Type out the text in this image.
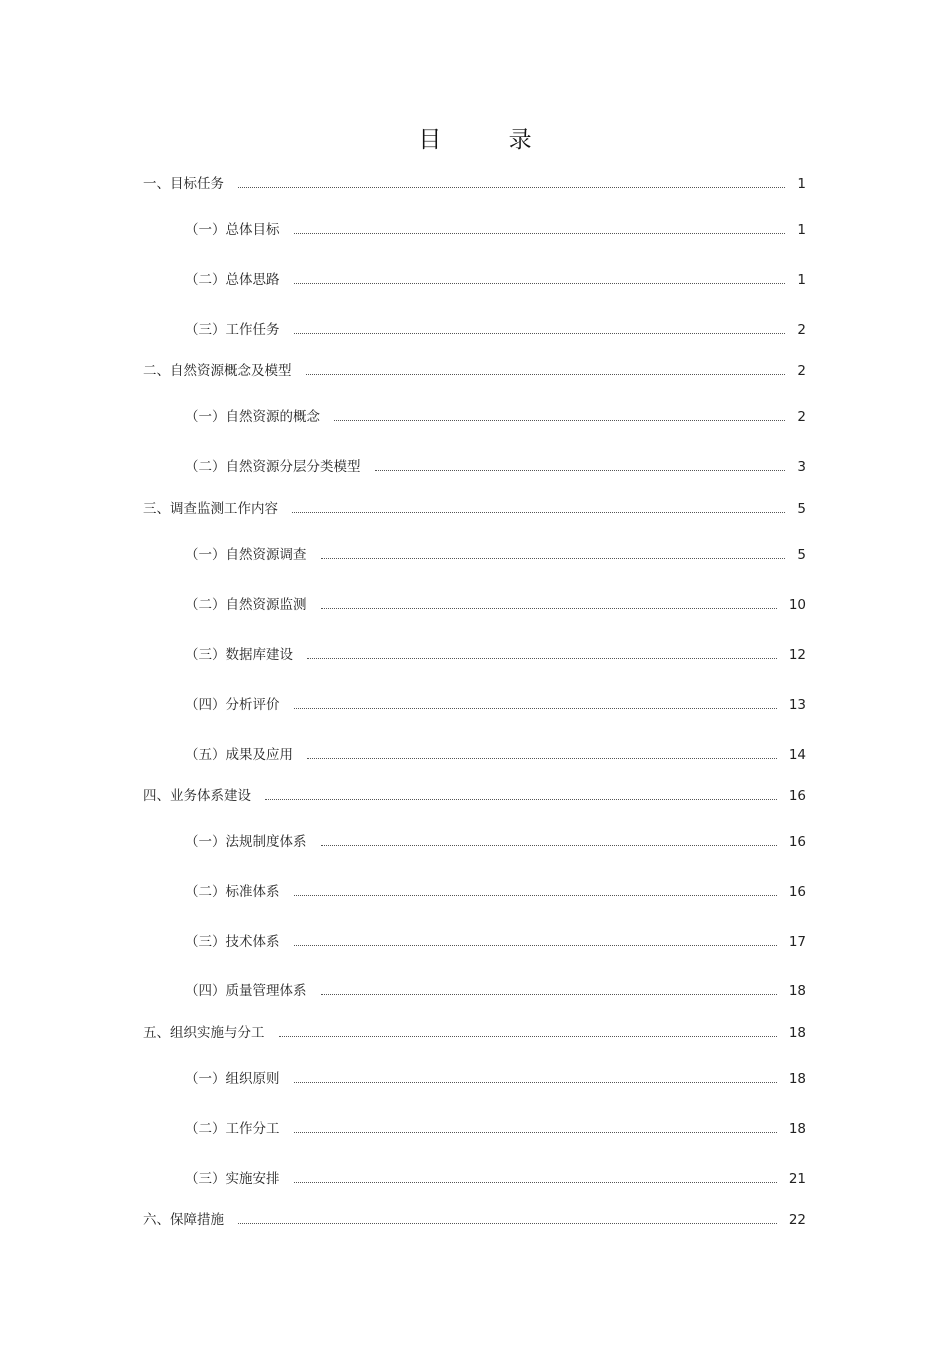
目 录
一、目标任务	1
（一）总体目标	1
（二）总体思路	1
（三）工作任务	2
二、自然资源概念及模型	2
（一）自然资源的概念	2
（二）自然资源分层分类模型	3
三、调查监测工作内容	5
（一）自然资源调查	5
（二）自然资源监测	10
（三）数据库建设	12
（四）分析评价	13
（五）成果及应用	14
四、业务体系建设	16
（一）法规制度体系	16
（二）标准体系	16
（三）技术体系	17
（四）质量管理体系	18
五、组织实施与分工	18
（一）组织原则	18
（二）工作分工	18
（三）实施安排	21
六、保障措施	22
